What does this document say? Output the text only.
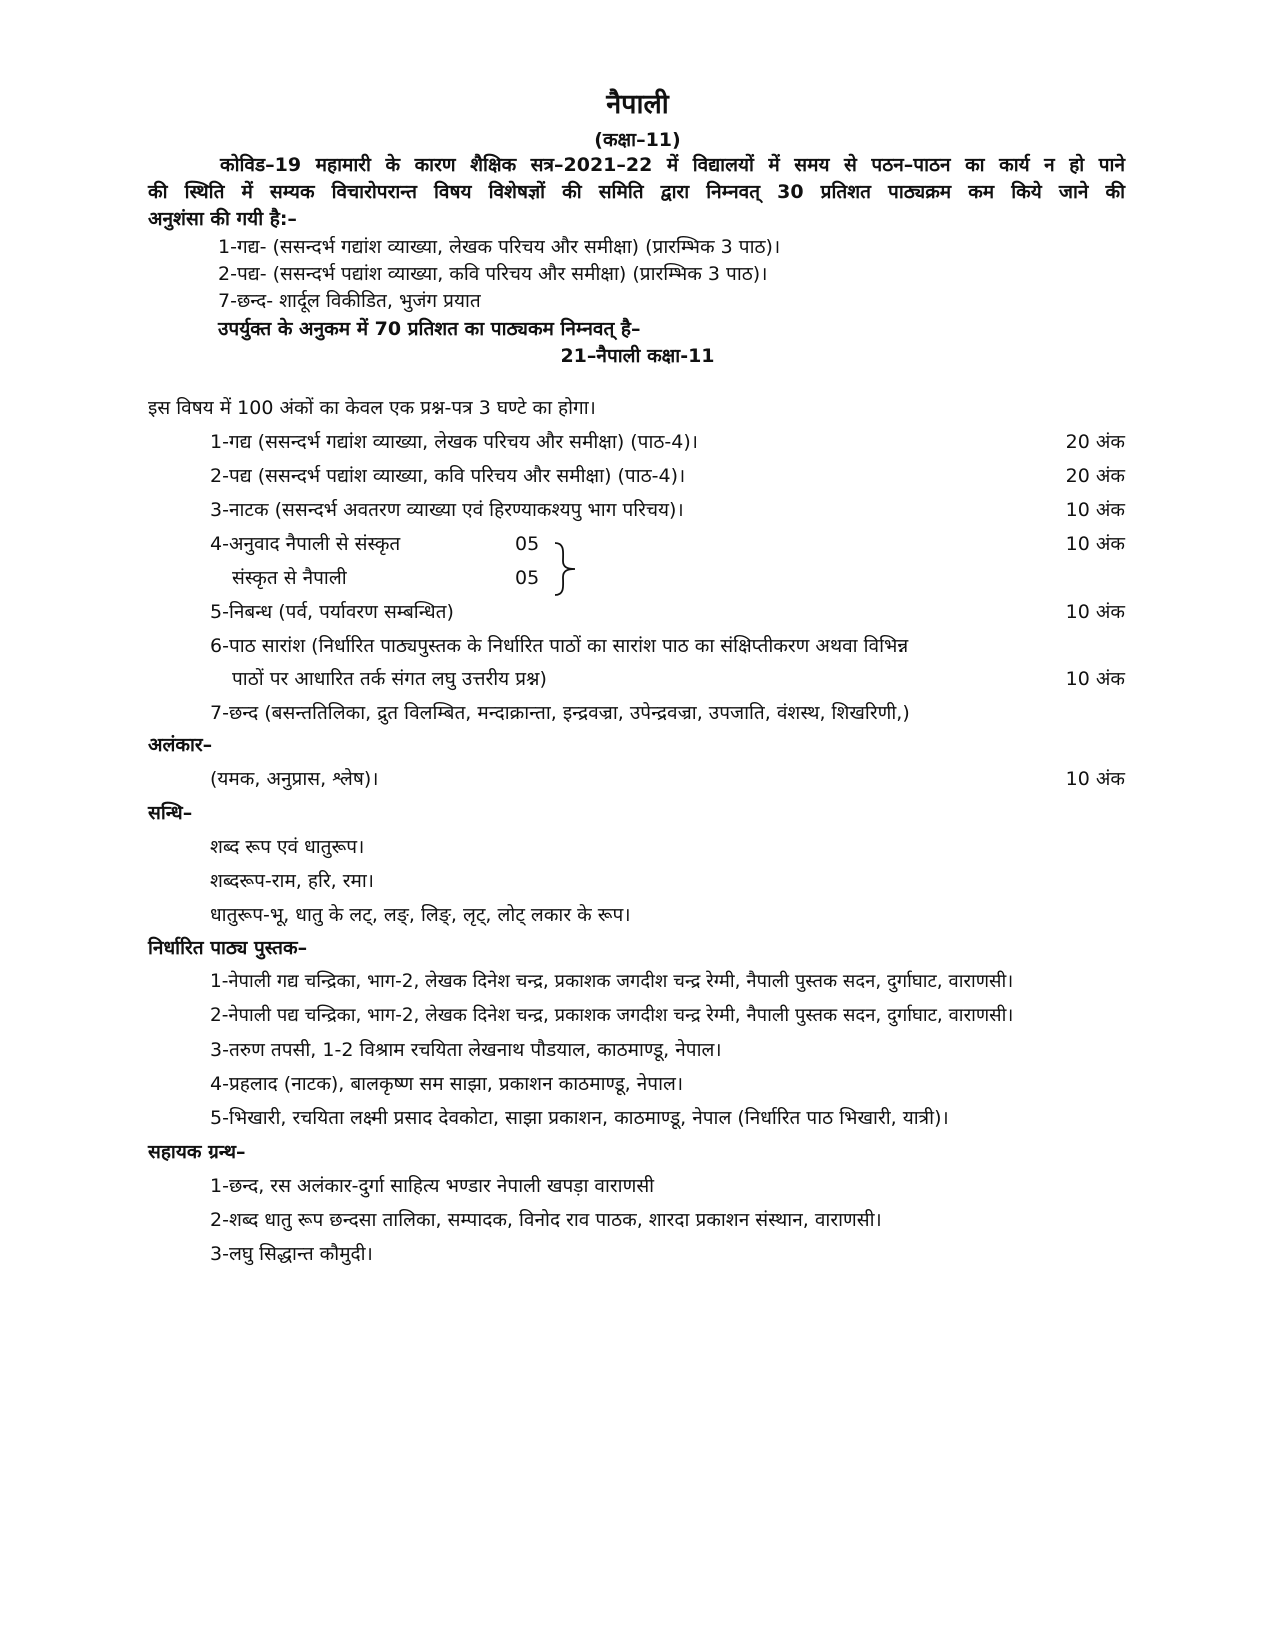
नैपाली
(कक्षा–11)
कोविड–19 महामारी के कारण शैक्षिक सत्र–2021–22 में विद्यालयों में समय से पठन–पाठन का कार्य न हो पाने
की स्थिति में सम्यक विचारोपरान्त विषय विशेषज्ञों की समिति द्वारा निम्नवत् 30 प्रतिशत पाठ्यक्रम कम किये जाने की
अनुशंसा की गयी है:–
1-गद्य- (ससन्दर्भ गद्यांश व्याख्या, लेखक परिचय और समीक्षा) (प्रारम्भिक 3 पाठ)।
2-पद्य- (ससन्दर्भ पद्यांश व्याख्या, कवि परिचय और समीक्षा) (प्रारम्भिक 3 पाठ)।
7-छन्द- शार्दूल विकीडित, भुजंग प्रयात
उपर्युक्त के अनुकम में 70 प्रतिशत का पाठ्यकम निम्नवत् है–
21–नैपाली कक्षा-11
इस विषय में 100 अंकों का केवल एक प्रश्न-पत्र 3 घण्टे का होगा।
1-गद्य (ससन्दर्भ गद्यांश व्याख्या, लेखक परिचय और समीक्षा) (पाठ-4)।	20 अंक
2-पद्य (ससन्दर्भ पद्यांश व्याख्या, कवि परिचय और समीक्षा) (पाठ-4)।	20 अंक
3-नाटक (ससन्दर्भ अवतरण व्याख्या एवं हिरण्याकश्यपु भाग परिचय)।	10 अंक
4-अनुवाद नैपाली से संस्कृत	05
संस्कृत से नैपाली	05
10 अंक
5-निबन्ध (पर्व, पर्यावरण सम्बन्धित)	10 अंक
6-पाठ सारांश (निर्धारित पाठ्यपुस्तक के निर्धारित पाठों का सारांश पाठ का संक्षिप्तीकरण अथवा विभिन्न
पाठों पर आधारित तर्क संगत लघु उत्तरीय प्रश्न)	10 अंक
7-छन्द (बसन्ततिलिका, द्रुत विलम्बित, मन्दाक्रान्ता, इन्द्रवज्रा, उपेन्द्रवज्रा, उपजाति, वंशस्थ, शिखरिणी,)
अलंकार–
(यमक, अनुप्रास, श्लेष)।	10 अंक
सन्धि–
शब्द रूप एवं धातुरूप।
शब्दरूप-राम, हरि, रमा।
धातुरूप-भू, धातु के लट्, लङ्, लिङ्, लृट्, लोट् लकार के रूप।
निर्धारित पाठ्य पुस्तक–
1-नेपाली गद्य चन्द्रिका, भाग-2, लेखक दिनेश चन्द्र, प्रकाशक जगदीश चन्द्र रेग्मी, नैपाली पुस्तक सदन, दुर्गाघाट, वाराणसी।
2-नेपाली पद्य चन्द्रिका, भाग-2, लेखक दिनेश चन्द्र, प्रकाशक जगदीश चन्द्र रेग्मी, नैपाली पुस्तक सदन, दुर्गाघाट, वाराणसी।
3-तरुण तपसी, 1-2 विश्राम रचयिता लेखनाथ पौडयाल, काठमाण्डू, नेपाल।
4-प्रहलाद (नाटक), बालकृष्ण सम साझा, प्रकाशन काठमाण्डू, नेपाल।
5-भिखारी, रचयिता लक्ष्मी प्रसाद देवकोटा, साझा प्रकाशन, काठमाण्डू, नेपाल (निर्धारित पाठ भिखारी, यात्री)।
सहायक ग्रन्थ–
1-छन्द, रस अलंकार-दुर्गा साहित्य भण्डार नेपाली खपड़ा वाराणसी
2-शब्द धातु रूप छन्दसा तालिका, सम्पादक, विनोद राव पाठक, शारदा प्रकाशन संस्थान, वाराणसी।
3-लघु सिद्धान्त कौमुदी।
